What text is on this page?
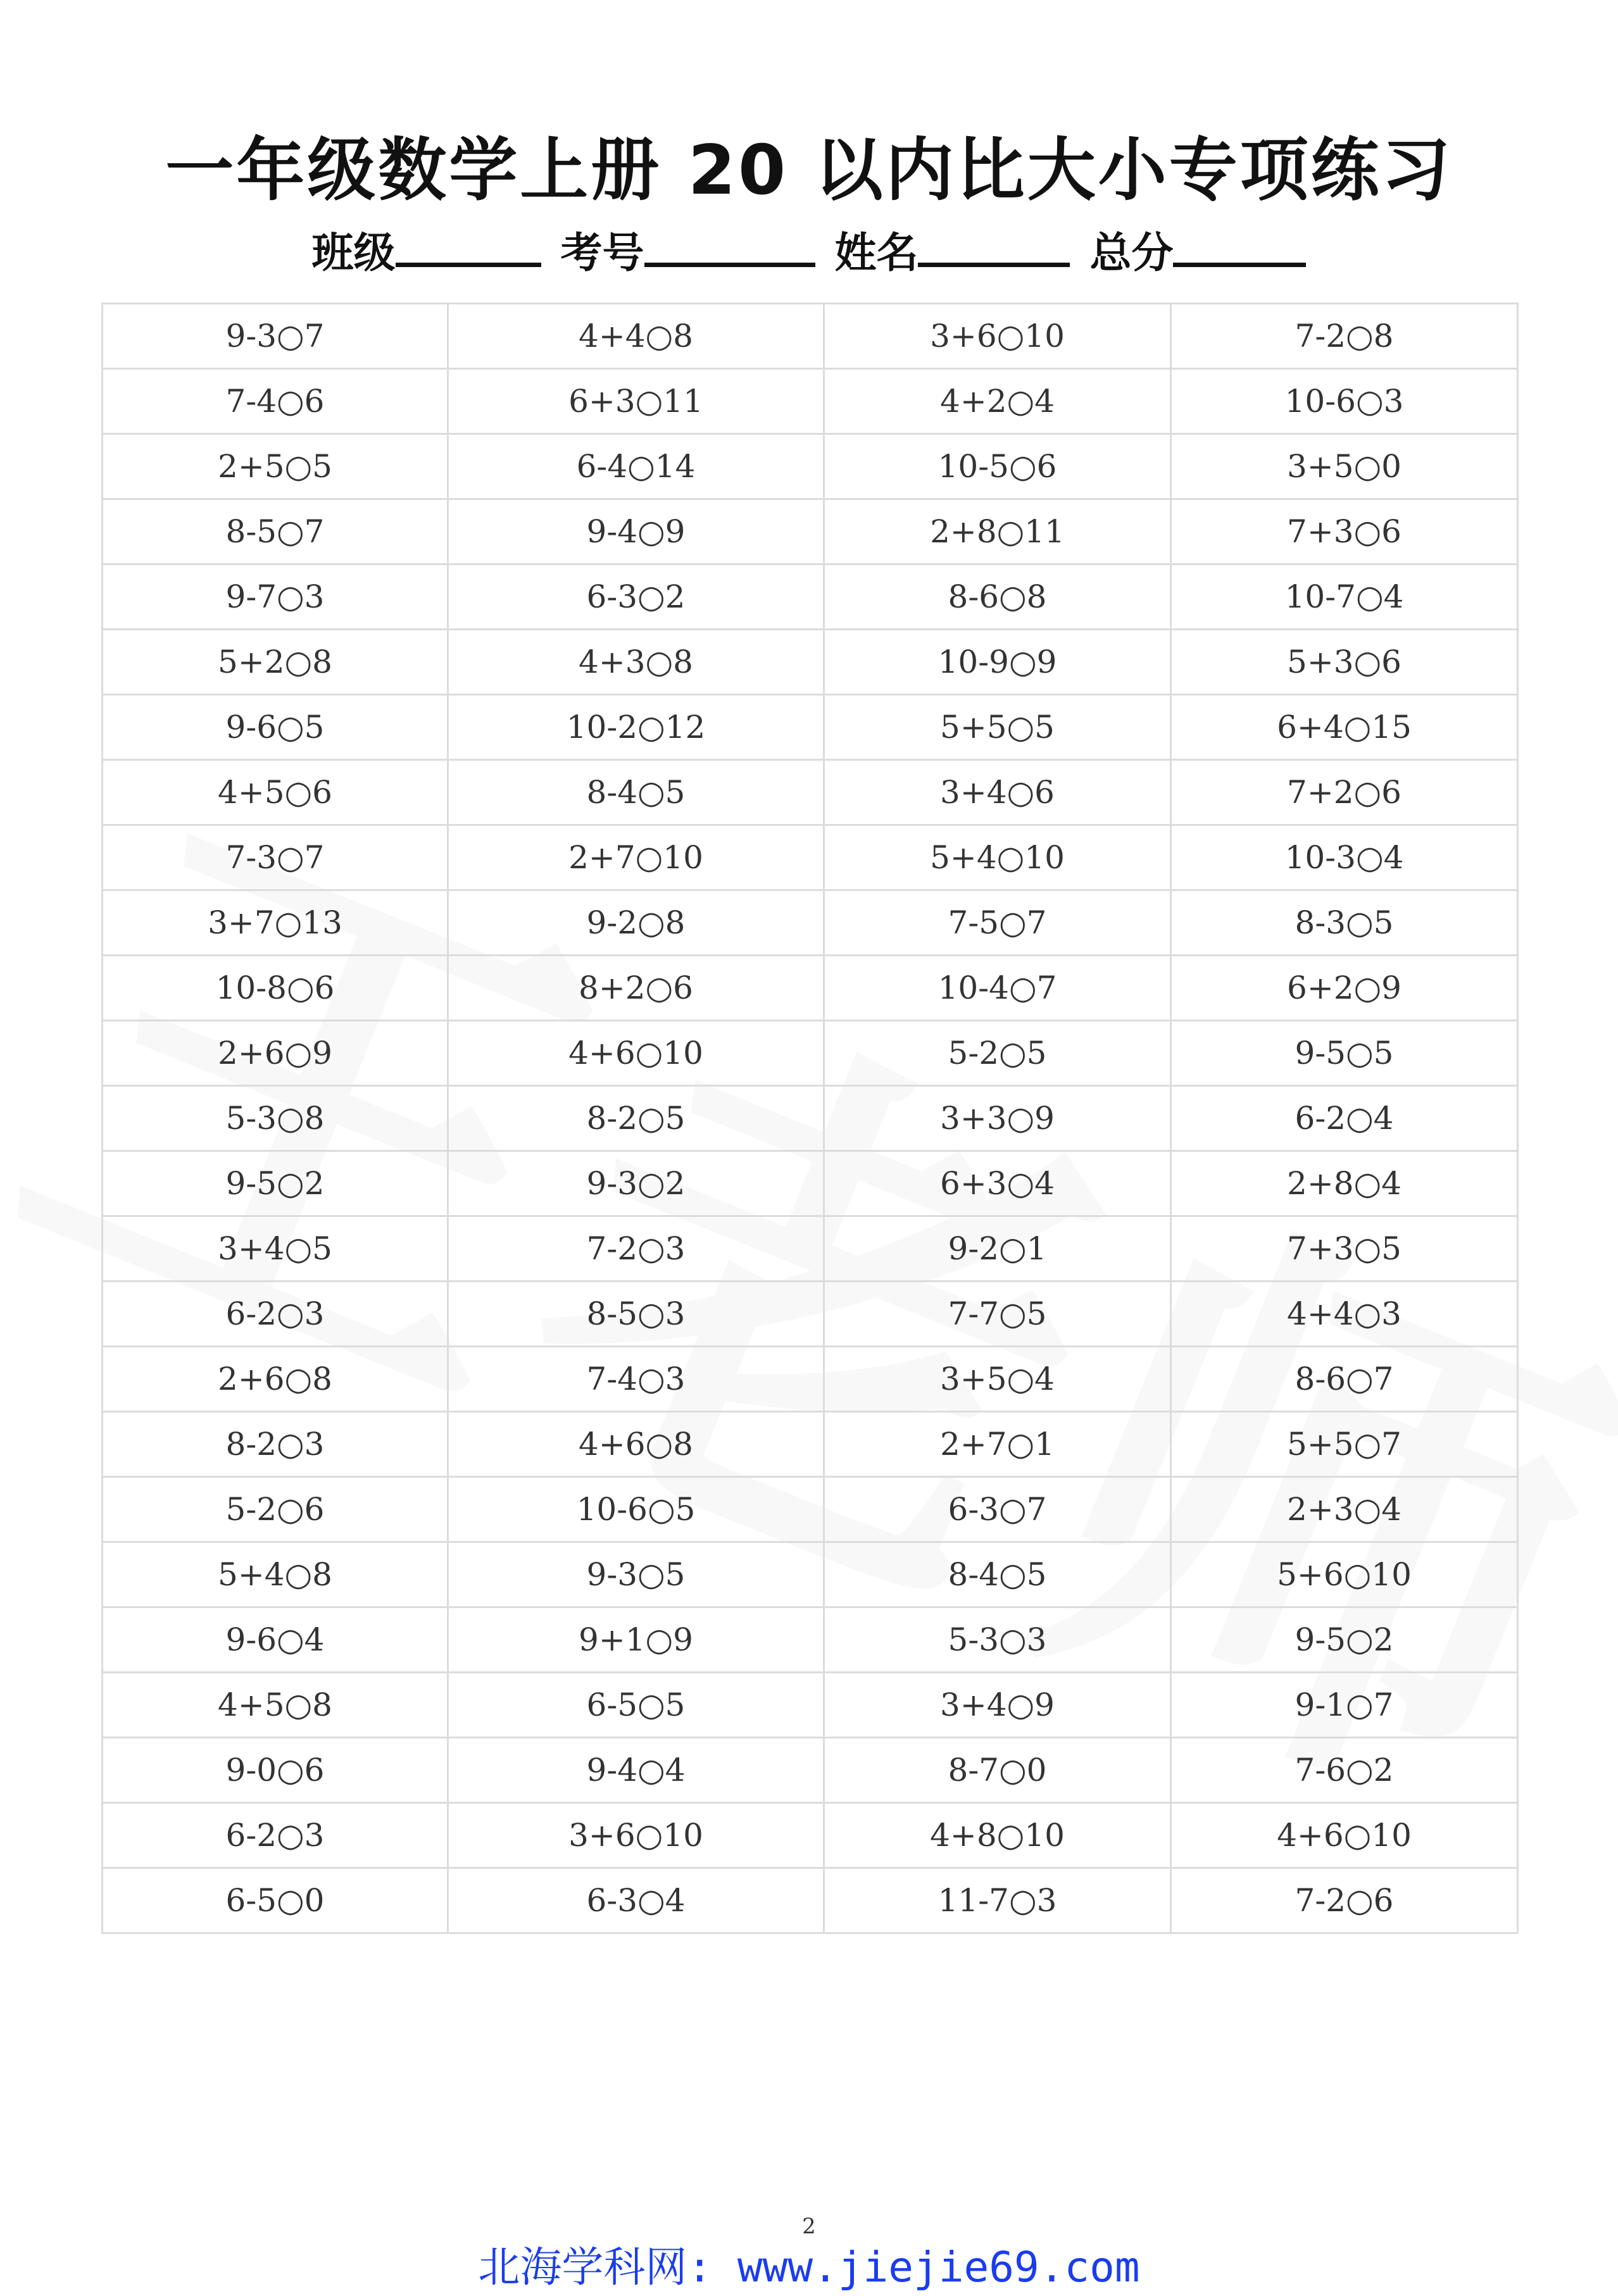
一年级数学上册 20 以内比大小专项练习
班级	考号	姓名	总分
9-3○7	4+4○8	3+6○10	7-2○8
7-4○6	6+3○11	4+2○4	10-6○3
2+5○5	6-4○14	10-5○6	3+5○0
8-5○7	9-4○9	2+8○11	7+3○6
9-7○3	6-3○2	8-6○8	10-7○4
5+2○8	4+3○8	10-9○9	5+3○6
9-6○5	10-2○12	5+5○5	6+4○15
4+5○6	8-4○5	3+4○6	7+2○6
7-3○7	2+7○10	5+4○10	10-3○4
3+7○13	9-2○8	7-5○7	8-3○5
10-8○6	8+2○6	10-4○7	6+2○9
2+6○9	4+6○10	5-2○5	9-5○5
5-3○8	8-2○5	3+3○9	6-2○4
9-5○2	9-3○2	6+3○4	2+8○4
3+4○5	7-2○3	9-2○1	7+3○5
6-2○3	8-5○3	7-7○5	4+4○3
2+6○8	7-4○3	3+5○4	8-6○7
8-2○3	4+6○8	2+7○1	5+5○7
5-2○6	10-6○5	6-3○7	2+3○4
5+4○8	9-3○5	8-4○5	5+6○10
9-6○4	9+1○9	5-3○3	9-5○2
4+5○8	6-5○5	3+4○9	9-1○7
9-0○6	9-4○4	8-7○0	7-6○2
6-2○3	3+6○10	4+8○10	4+6○10
6-5○0	6-3○4	11-7○3	7-2○6
2
北海学科网: www.jiejie69.com
